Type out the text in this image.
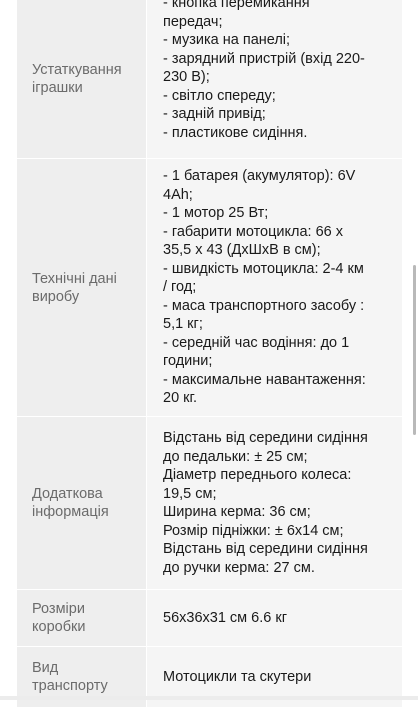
Устаткування
іграшки
- кнопка перемикання
передач;
- музика на панелі;
- зарядний пристрій (вхід 220-
230 В);
- світло спереду;
- задній привід;
- пластикове сидіння.
Технічні дані
виробу
- 1 батарея (акумулятор): 6V
4Ah;
- 1 мотор 25 Вт;
- габарити мотоцикла: 66 х
35,5 х 43 (ДхШхВ в см);
- швидкість мотоцикла: 2-4 км
/ год;
- маса транспортного засобу :
5,1 кг;
- середній час водіння: до 1
години;
- максимальне навантаження:
20 кг.
Додаткова
інформація
Відстань від середини сидіння
до педальки: ± 25 см;
Діаметр переднього колеса:
19,5 см;
Ширина керма: 36 см;
Розмір підніжки: ± 6х14 см;
Відстань від середини сидіння
до ручки керма: 27 см.
Розміри
коробки
56x36x31 см 6.6 кг
Вид
транспорту
Мотоцикли та скутери
